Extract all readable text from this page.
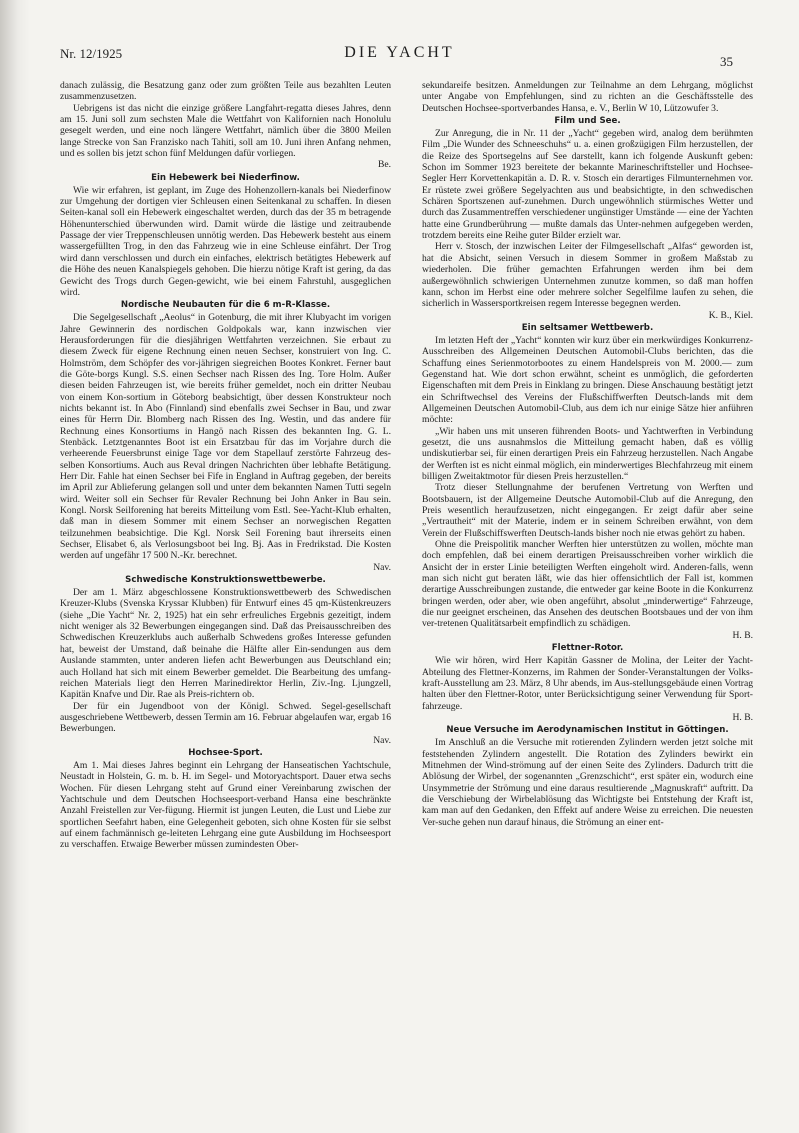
Nr. 12/1925	DIE YACHT
35

danach zulässig, die Besatzung ganz oder zum größten Teile aus bezahlten Leuten zusammenzusetzen.

Uebrigens ist das nicht die einzige größere Langfahrt-regatta dieses Jahres, denn am 15. Juni soll zum sechsten Male die Wettfahrt von Kalifornien nach Honolulu gesegelt werden, und eine noch längere Wettfahrt, nämlich über die 3800 Meilen lange Strecke von San Franzisko nach Tahiti, soll am 10. Juni ihren Anfang nehmen, und es sollen bis jetzt schon fünf Meldungen dafür vorliegen.

Be.

Ein Hebewerk bei Niederfinow.

Wie wir erfahren, ist geplant, im Zuge des Hohenzollern-kanals bei Niederfinow zur Umgehung der dortigen vier Schleusen einen Seitenkanal zu schaffen. In diesen Seiten-kanal soll ein Hebewerk eingeschaltet werden, durch das der 35 m betragende Höhenunterschied überwunden wird. Damit würde die lästige und zeitraubende Passage der vier Treppenschleusen unnötig werden. Das Hebewerk besteht aus einem wassergefüllten Trog, in den das Fahrzeug wie in eine Schleuse einfährt. Der Trog wird dann verschlossen und durch ein einfaches, elektrisch betätigtes Hebewerk auf die Höhe des neuen Kanalspiegels gehoben. Die hierzu nötige Kraft ist gering, da das Gewicht des Trogs durch Gegen-gewicht, wie bei einem Fahrstuhl, ausgeglichen wird.

Nordische Neubauten für die 6 m-R-Klasse.

Die Segelgesellschaft „Aeolus“ in Gotenburg, die mit ihrer Klubyacht im vorigen Jahre Gewinnerin des nordischen Goldpokals war, kann inzwischen vier Herausforderungen für die diesjährigen Wettfahrten verzeichnen. Sie erbaut zu diesem Zweck für eigene Rechnung einen neuen Sechser, konstruiert von Ing. C. Holmström, dem Schöpfer des vor-jährigen siegreichen Bootes Konkret. Ferner baut die Göte-borgs Kungl. S.S. einen Sechser nach Rissen des Ing. Tore Holm. Außer diesen beiden Fahrzeugen ist, wie bereits früher gemeldet, noch ein dritter Neubau von einem Kon-sortium in Göteborg beabsichtigt, über dessen Konstrukteur noch nichts bekannt ist. In Abo (Finnland) sind ebenfalls zwei Sechser in Bau, und zwar eines für Herrn Dir. Blomberg nach Rissen des Ing. Westin, und das andere für Rechnung eines Konsortiums in Hangö nach Rissen des bekannten Ing. G. L. Stenbäck. Letztgenanntes Boot ist ein Ersatzbau für das im Vorjahre durch die verheerende Feuersbrunst einige Tage vor dem Stapellauf zerstörte Fahrzeug des-selben Konsortiums. Auch aus Reval dringen Nachrichten über lebhafte Betätigung. Herr Dir. Fahle hat einen Sechser bei Fife in England in Auftrag gegeben, der bereits im April zur Ablieferung gelangen soll und unter dem bekannten Namen Tutti segeln wird. Weiter soll ein Sechser für Revaler Rechnung bei John Anker in Bau sein. Kongl. Norsk Seilforening hat bereits Mitteilung vom Estl. See-Yacht-Klub erhalten, daß man in diesem Sommer mit einem Sechser an norwegischen Regatten teilzunehmen beabsichtige. Die Kgl. Norsk Seil Forening baut ihrerseits einen Sechser, Elisabet 6, als Verlosungsboot bei Ing. Bj. Aas in Fredrikstad. Die Kosten werden auf ungefähr 17 500 N.-Kr. berechnet.

Nav.

Schwedische Konstruktionswettbewerbe.

Der am 1. März abgeschlossene Konstruktionswettbewerb des Schwedischen Kreuzer-Klubs (Svenska Kryssar Klubben) für Entwurf eines 45 qm-Küstenkreuzers (siehe „Die Yacht“ Nr. 2, 1925) hat ein sehr erfreuliches Ergebnis gezeitigt, indem nicht weniger als 32 Bewerbungen eingegangen sind. Daß das Preisausschreiben des Schwedischen Kreuzerklubs auch außerhalb Schwedens großes Interesse gefunden hat, beweist der Umstand, daß beinahe die Hälfte aller Ein-sendungen aus dem Auslande stammten, unter anderen liefen acht Bewerbungen aus Deutschland ein; auch Holland hat sich mit einem Bewerber gemeldet. Die Bearbeitung des umfang-reichen Materials liegt den Herren Marinedirektor Herlin, Ziv.-Ing. Ljungzell, Kapitän Knafve und Dir. Rae als Preis-richtern ob.

Der für ein Jugendboot von der Königl. Schwed. Segel-gesellschaft ausgeschriebene Wettbewerb, dessen Termin am 16. Februar abgelaufen war, ergab 16 Bewerbungen.

Nav.

Hochsee-Sport.

Am 1. Mai dieses Jahres beginnt ein Lehrgang der Hanseatischen Yachtschule, Neustadt in Holstein, G. m. b. H. im Segel- und Motoryachtsport. Dauer etwa sechs Wochen. Für diesen Lehrgang steht auf Grund einer Vereinbarung zwischen der Yachtschule und dem Deutschen Hochseesport-verband Hansa eine beschränkte Anzahl Freistellen zur Ver-fügung. Hiermit ist jungen Leuten, die Lust und Liebe zur sportlichen Seefahrt haben, eine Gelegenheit geboten, sich ohne Kosten für sie selbst auf einem fachmännisch ge-leiteten Lehrgang eine gute Ausbildung im Hochseesport zu verschaffen. Etwaige Bewerber müssen zumindesten Ober-

sekundareife besitzen. Anmeldungen zur Teilnahme an dem Lehrgang, möglichst unter Angabe von Empfehlungen, sind zu richten an die Geschäftsstelle des Deutschen Hochsee-sportverbandes Hansa, e. V., Berlin W 10, Lützowufer 3.

Film und See.

Zur Anregung, die in Nr. 11 der „Yacht“ gegeben wird, analog dem berühmten Film „Die Wunder des Schneeschuhs“ u. a. einen großzügigen Film herzustellen, der die Reize des Sportsegelns auf See darstellt, kann ich folgende Auskunft geben: Schon im Sommer 1923 bereitete der bekannte Marineschriftsteller und Hochsee-Segler Herr Korvettenkapitän a. D. R. v. Stosch ein derartiges Filmunternehmen vor. Er rüstete zwei größere Segelyachten aus und beabsichtigte, in den schwedischen Schären Sportszenen auf-zunehmen. Durch ungewöhnlich stürmisches Wetter und durch das Zusammentreffen verschiedener ungünstiger Umstände — eine der Yachten hatte eine Grundberührung — mußte damals das Unter-nehmen aufgegeben werden, trotzdem bereits eine Reihe guter Bilder erzielt war.

Herr v. Stosch, der inzwischen Leiter der Filmgesellschaft „Alfas“ geworden ist, hat die Absicht, seinen Versuch in diesem Sommer in großem Maßstab zu wiederholen. Die früher gemachten Erfahrungen werden ihm bei dem außergewöhnlich schwierigen Unternehmen zunutze kommen, so daß man hoffen kann, schon im Herbst eine oder mehrere solcher Segelfilme laufen zu sehen, die sicherlich in Wassersportkreisen regem Interesse begegnen werden.

K. B., Kiel.

Ein seltsamer Wettbewerb.

Im letzten Heft der „Yacht“ konnten wir kurz über ein merkwürdiges Konkurrenz-Ausschreiben des Allgemeinen Deutschen Automobil-Clubs berichten, das die Schaffung eines Serienmotorbootes zu einem Handelspreis von M. 2000.— zum Gegenstand hat. Wie dort schon erwähnt, scheint es unmöglich, die geforderten Eigenschaften mit dem Preis in Einklang zu bringen. Diese Anschauung bestätigt jetzt ein Schriftwechsel des Vereins der Flußschiffwerften Deutsch-lands mit dem Allgemeinen Deutschen Automobil-Club, aus dem ich nur einige Sätze hier anführen möchte:

„Wir haben uns mit unseren führenden Boots- und Yachtwerften in Verbindung gesetzt, die uns ausnahmslos die Mitteilung gemacht haben, daß es völlig undiskutierbar sei, für einen derartigen Preis ein Fahrzeug herzustellen. Nach Angabe der Werften ist es nicht einmal möglich, ein minderwertiges Blechfahrzeug mit einem billigen Zweitaktmotor für diesen Preis herzustellen.“

Trotz dieser Stellungnahme der berufenen Vertretung von Werften und Bootsbauern, ist der Allgemeine Deutsche Automobil-Club auf die Anregung, den Preis wesentlich heraufzusetzen, nicht eingegangen. Er zeigt dafür aber seine „Vertrautheit“ mit der Materie, indem er in seinem Schreiben erwähnt, von dem Verein der Flußschiffswerften Deutsch-lands bisher noch nie etwas gehört zu haben.

Ohne die Preispolitik mancher Werften hier unterstützen zu wollen, möchte man doch empfehlen, daß bei einem derartigen Preisausschreiben vorher wirklich die Ansicht der in erster Linie beteiligten Werften eingeholt wird. Anderen-falls, wenn man sich nicht gut beraten läßt, wie das hier offensichtlich der Fall ist, kommen derartige Ausschreibungen zustande, die entweder gar keine Boote in die Konkurrenz bringen werden, oder aber, wie oben angeführt, absolut „minderwertige“ Fahrzeuge, die nur geeignet erscheinen, das Ansehen des deutschen Bootsbaues und der von ihm ver-tretenen Qualitätsarbeit empfindlich zu schädigen.

H. B.

Flettner-Rotor.

Wie wir hören, wird Herr Kapitän Gassner de Molina, der Leiter der Yacht-Abteilung des Flettner-Konzerns, im Rahmen der Sonder-Veranstaltungen der Volks-kraft-Ausstellung am 23. März, 8 Uhr abends, im Aus-stellungsgebäude einen Vortrag halten über den Flettner-Rotor, unter Berücksichtigung seiner Verwendung für Sport-fahrzeuge.

H. B.

Neue Versuche im Aerodynamischen Institut in Göttingen.

Im Anschluß an die Versuche mit rotierenden Zylindern werden jetzt solche mit feststehenden Zylindern angestellt. Die Rotation des Zylinders bewirkt ein Mitnehmen der Wind-strömung auf der einen Seite des Zylinders. Dadurch tritt die Ablösung der Wirbel, der sogenannten „Grenzschicht“, erst später ein, wodurch eine Unsymmetrie der Strömung und eine daraus resultierende „Magnuskraft“ auftritt. Da die Verschiebung der Wirbelablösung das Wichtigste bei Entstehung der Kraft ist, kam man auf den Gedanken, den Effekt auf andere Weise zu erreichen. Die neuesten Ver-suche gehen nun darauf hinaus, die Strömung an einer ent-
